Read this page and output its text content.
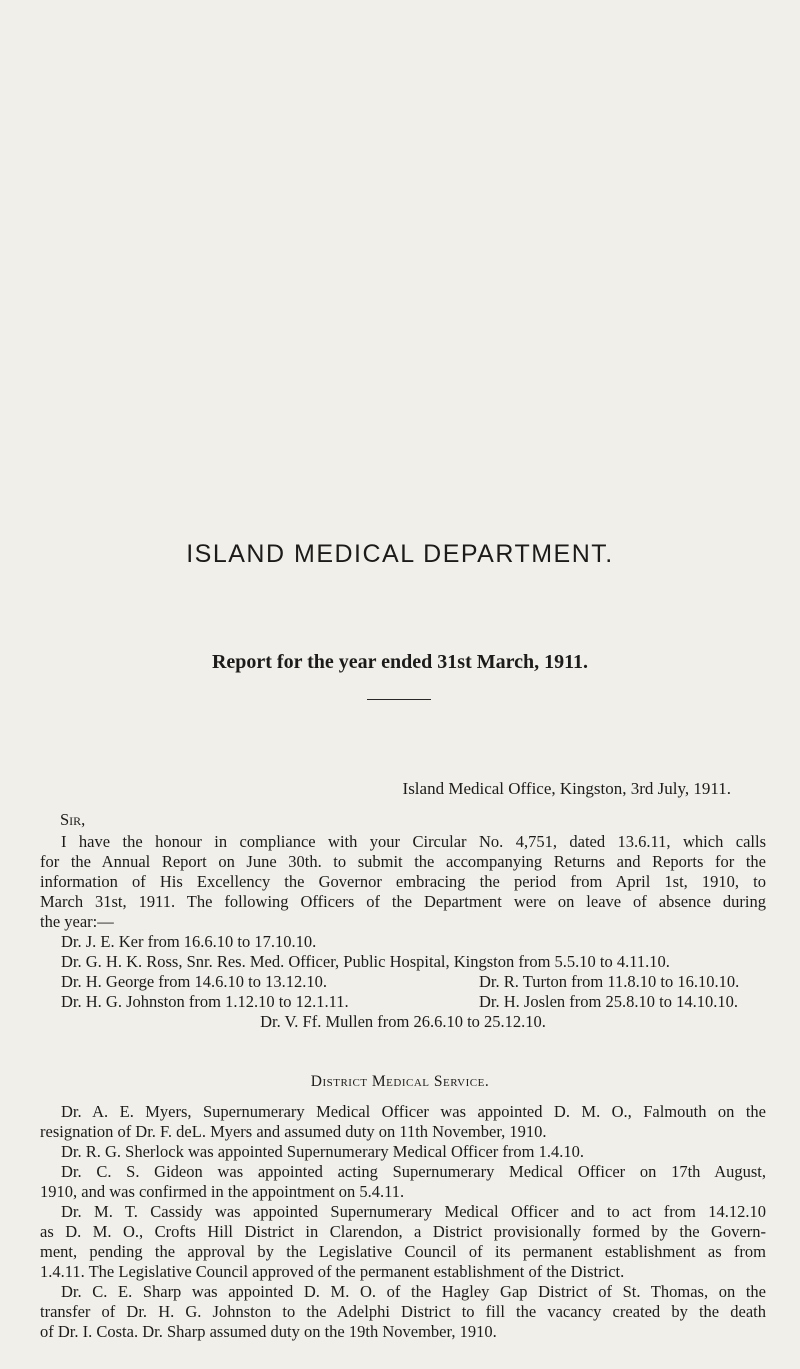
ISLAND MEDICAL DEPARTMENT.
Report for the year ended 31st March, 1911.
Island Medical Office, Kingston, 3rd July, 1911.
Sir,
I have the honour in compliance with your Circular No. 4,751, dated 13.6.11, which calls
for the Annual Report on June 30th. to submit the accompanying Returns and Reports for the
information of His Excellency the Governor embracing the period from April 1st, 1910, to
March 31st, 1911. The following Officers of the Department were on leave of absence during
the year:—
Dr. J. E. Ker from 16.6.10 to 17.10.10.
Dr. G. H. K. Ross, Snr. Res. Med. Officer, Public Hospital, Kingston from 5.5.10 to 4.11.10.
Dr. H. George from 14.6.10 to 13.12.10.	Dr. R. Turton from 11.8.10 to 16.10.10.
Dr. H. G. Johnston from 1.12.10 to 12.1.11.	Dr. H. Joslen from 25.8.10 to 14.10.10.
Dr. V. Ff. Mullen from 26.6.10 to 25.12.10.
District Medical Service.
Dr. A. E. Myers, Supernumerary Medical Officer was appointed D. M. O., Falmouth on the
resignation of Dr. F. deL. Myers and assumed duty on 11th November, 1910.
Dr. R. G. Sherlock was appointed Supernumerary Medical Officer from 1.4.10.
Dr. C. S. Gideon was appointed acting Supernumerary Medical Officer on 17th August,
1910, and was confirmed in the appointment on 5.4.11.
Dr. M. T. Cassidy was appointed Supernumerary Medical Officer and to act from 14.12.10
as D. M. O., Crofts Hill District in Clarendon, a District provisionally formed by the Govern-
ment, pending the approval by the Legislative Council of its permanent establishment as from
1.4.11. The Legislative Council approved of the permanent establishment of the District.
Dr. C. E. Sharp was appointed D. M. O. of the Hagley Gap District of St. Thomas, on the
transfer of Dr. H. G. Johnston to the Adelphi District to fill the vacancy created by the death
of Dr. I. Costa. Dr. Sharp assumed duty on the 19th November, 1910.
